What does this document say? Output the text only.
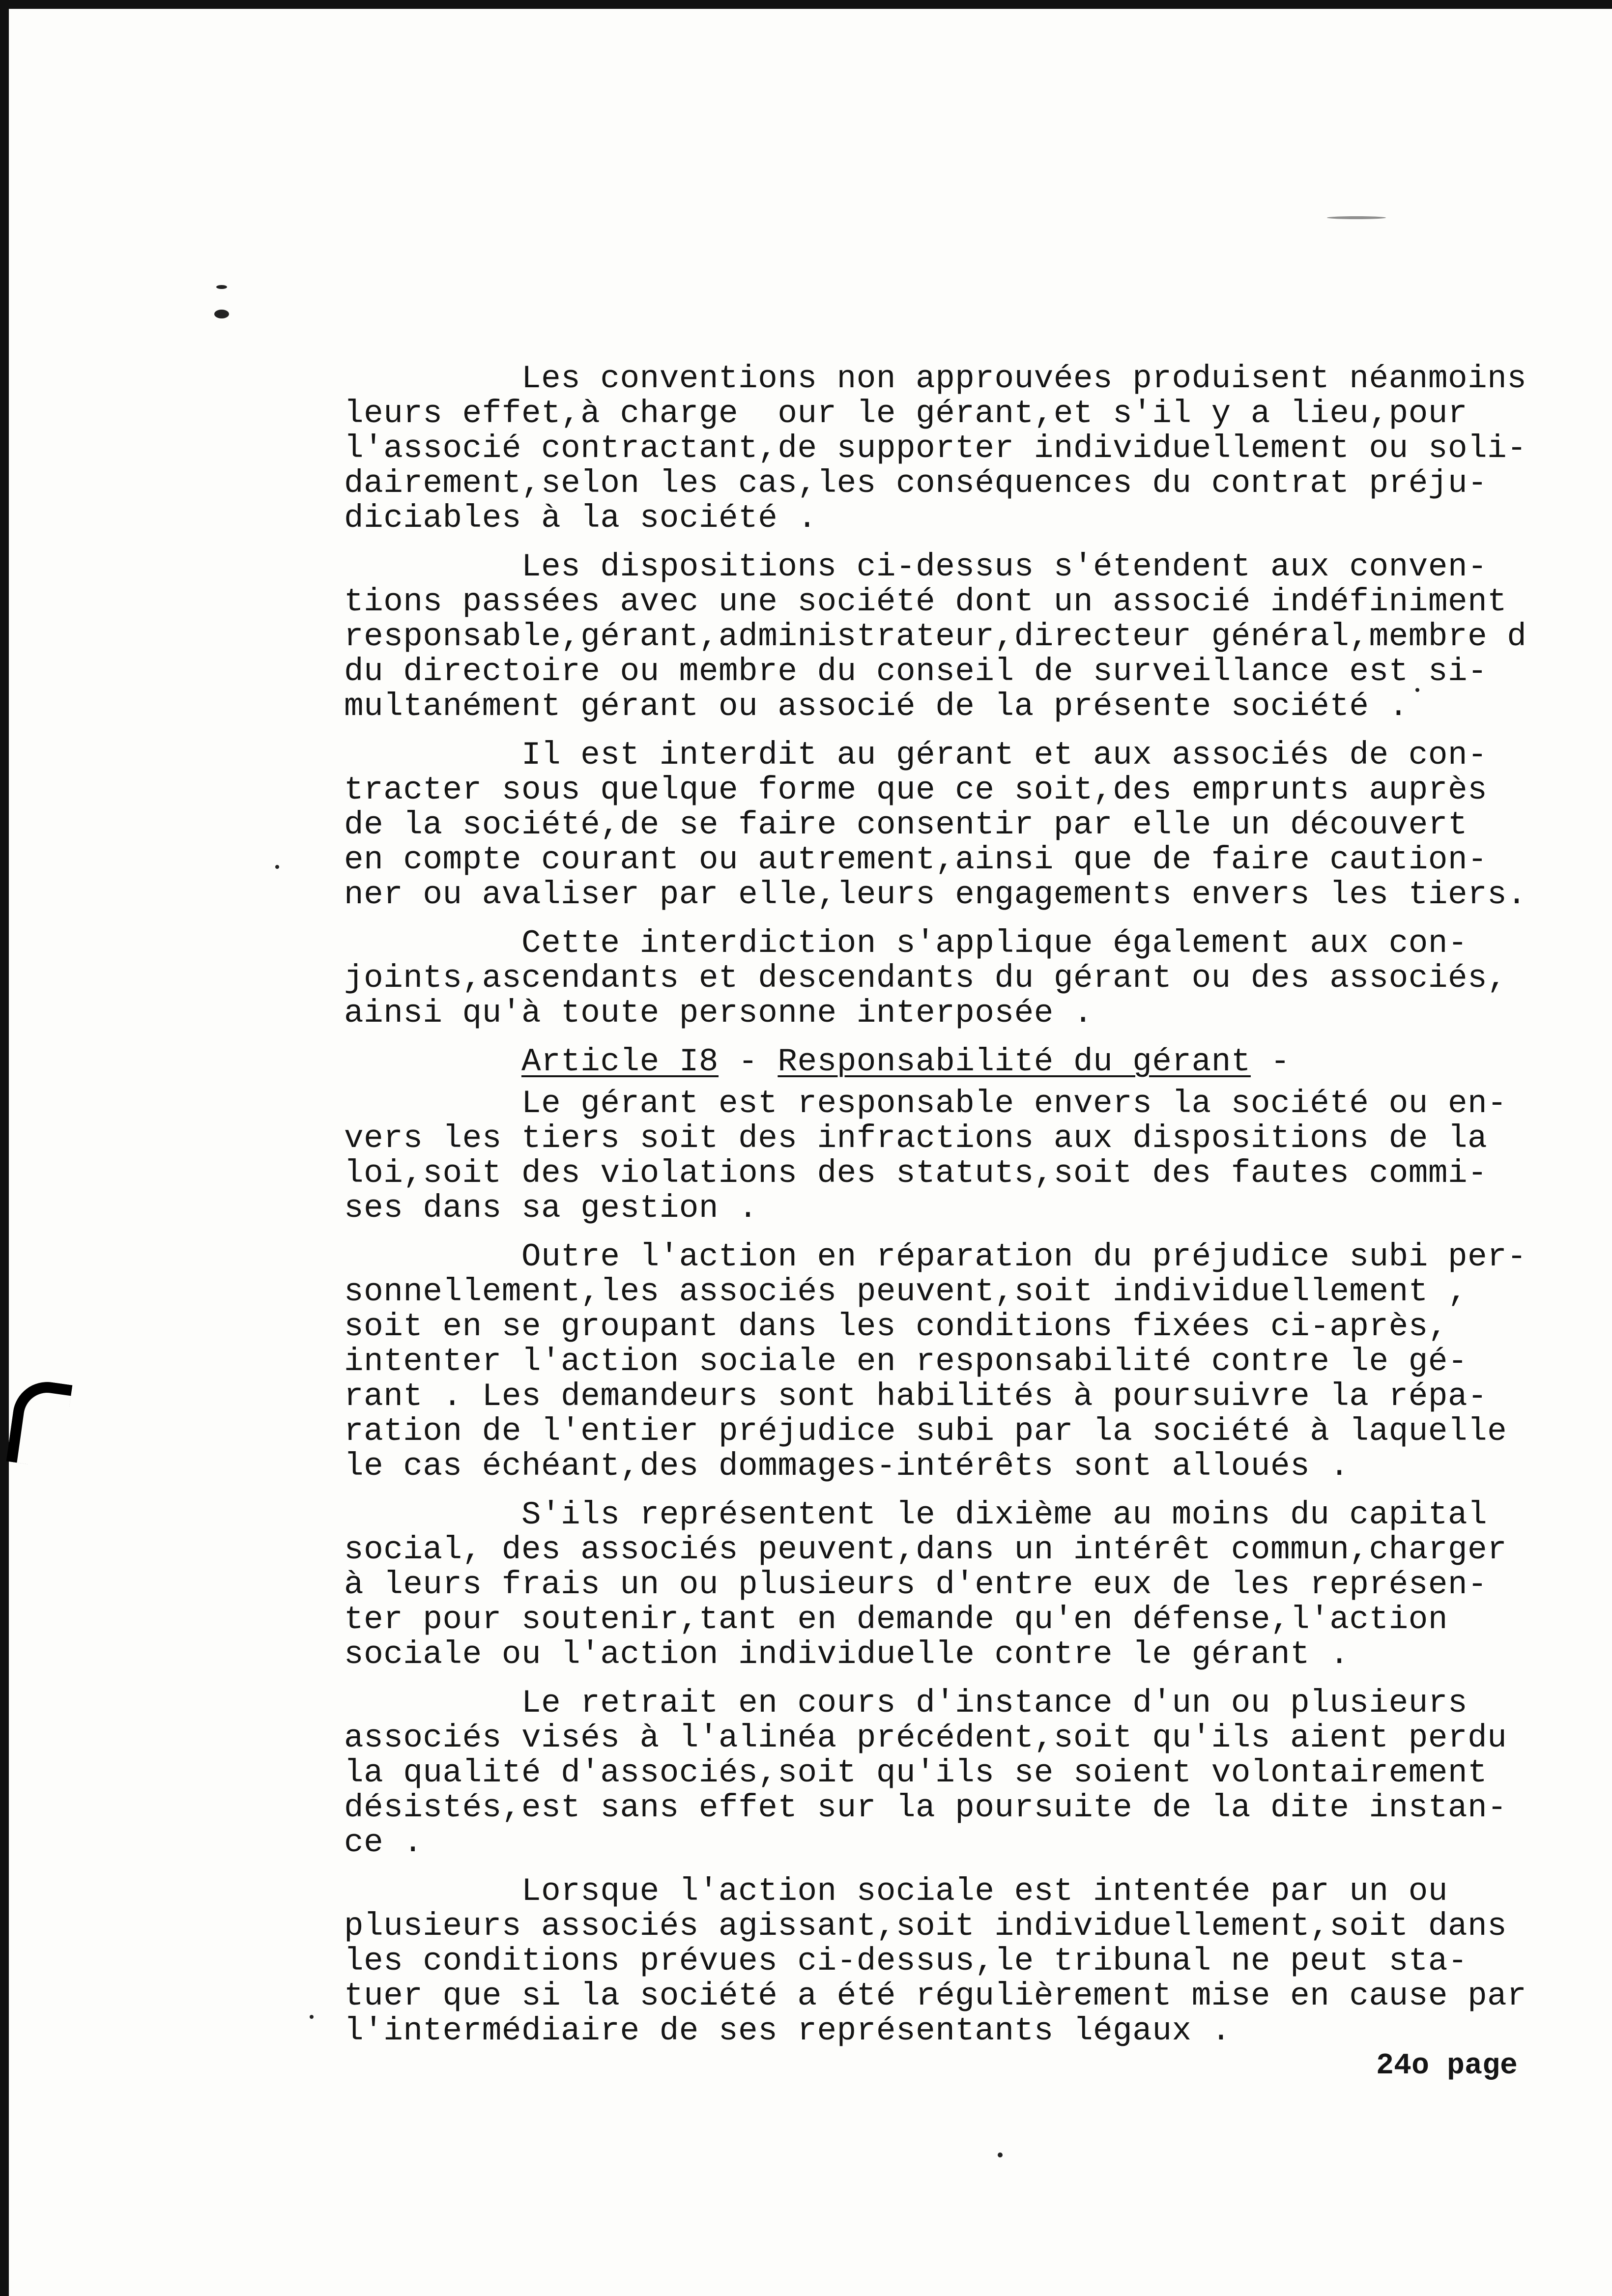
Les conventions non approuvées produisent néanmoins
leurs effet,à charge  our le gérant,et s'il y a lieu,pour
l'associé contractant,de supporter individuellement ou soli-
dairement,selon les cas,les conséquences du contrat préju-
diciables à la société .
Les dispositions ci-dessus s'étendent aux conven-
tions passées avec une société dont un associé indéfiniment
responsable,gérant,administrateur,directeur général,membre d
du directoire ou membre du conseil de surveillance est si-
multanément gérant ou associé de la présente société .
Il est interdit au gérant et aux associés de con-
tracter sous quelque forme que ce soit,des emprunts auprès
de la société,de se faire consentir par elle un découvert
en compte courant ou autrement,ainsi que de faire caution-
ner ou avaliser par elle,leurs engagements envers les tiers.
Cette interdiction s'applique également aux con-
joints,ascendants et descendants du gérant ou des associés,
ainsi qu'à toute personne interposée .
Article I8 - Responsabilité du gérant -
Le gérant est responsable envers la société ou en-
vers les tiers soit des infractions aux dispositions de la
loi,soit des violations des statuts,soit des fautes commi-
ses dans sa gestion .
Outre l'action en réparation du préjudice subi per-
sonnellement,les associés peuvent,soit individuellement ,
soit en se groupant dans les conditions fixées ci-après,
intenter l'action sociale en responsabilité contre le gé-
rant . Les demandeurs sont habilités à poursuivre la répa-
ration de l'entier préjudice subi par la société à laquelle
le cas échéant,des dommages-intérêts sont alloués .
S'ils représentent le dixième au moins du capital
social, des associés peuvent,dans un intérêt commun,charger
à leurs frais un ou plusieurs d'entre eux de les représen-
ter pour soutenir,tant en demande qu'en défense,l'action
sociale ou l'action individuelle contre le gérant .
Le retrait en cours d'instance d'un ou plusieurs
associés visés à l'alinéa précédent,soit qu'ils aient perdu
la qualité d'associés,soit qu'ils se soient volontairement
désistés,est sans effet sur la poursuite de la dite instan-
ce .
Lorsque l'action sociale est intentée par un ou
plusieurs associés agissant,soit individuellement,soit dans
les conditions prévues ci-dessus,le tribunal ne peut sta-
tuer que si la société a été régulièrement mise en cause par
l'intermédiaire de ses représentants légaux .
24o page
